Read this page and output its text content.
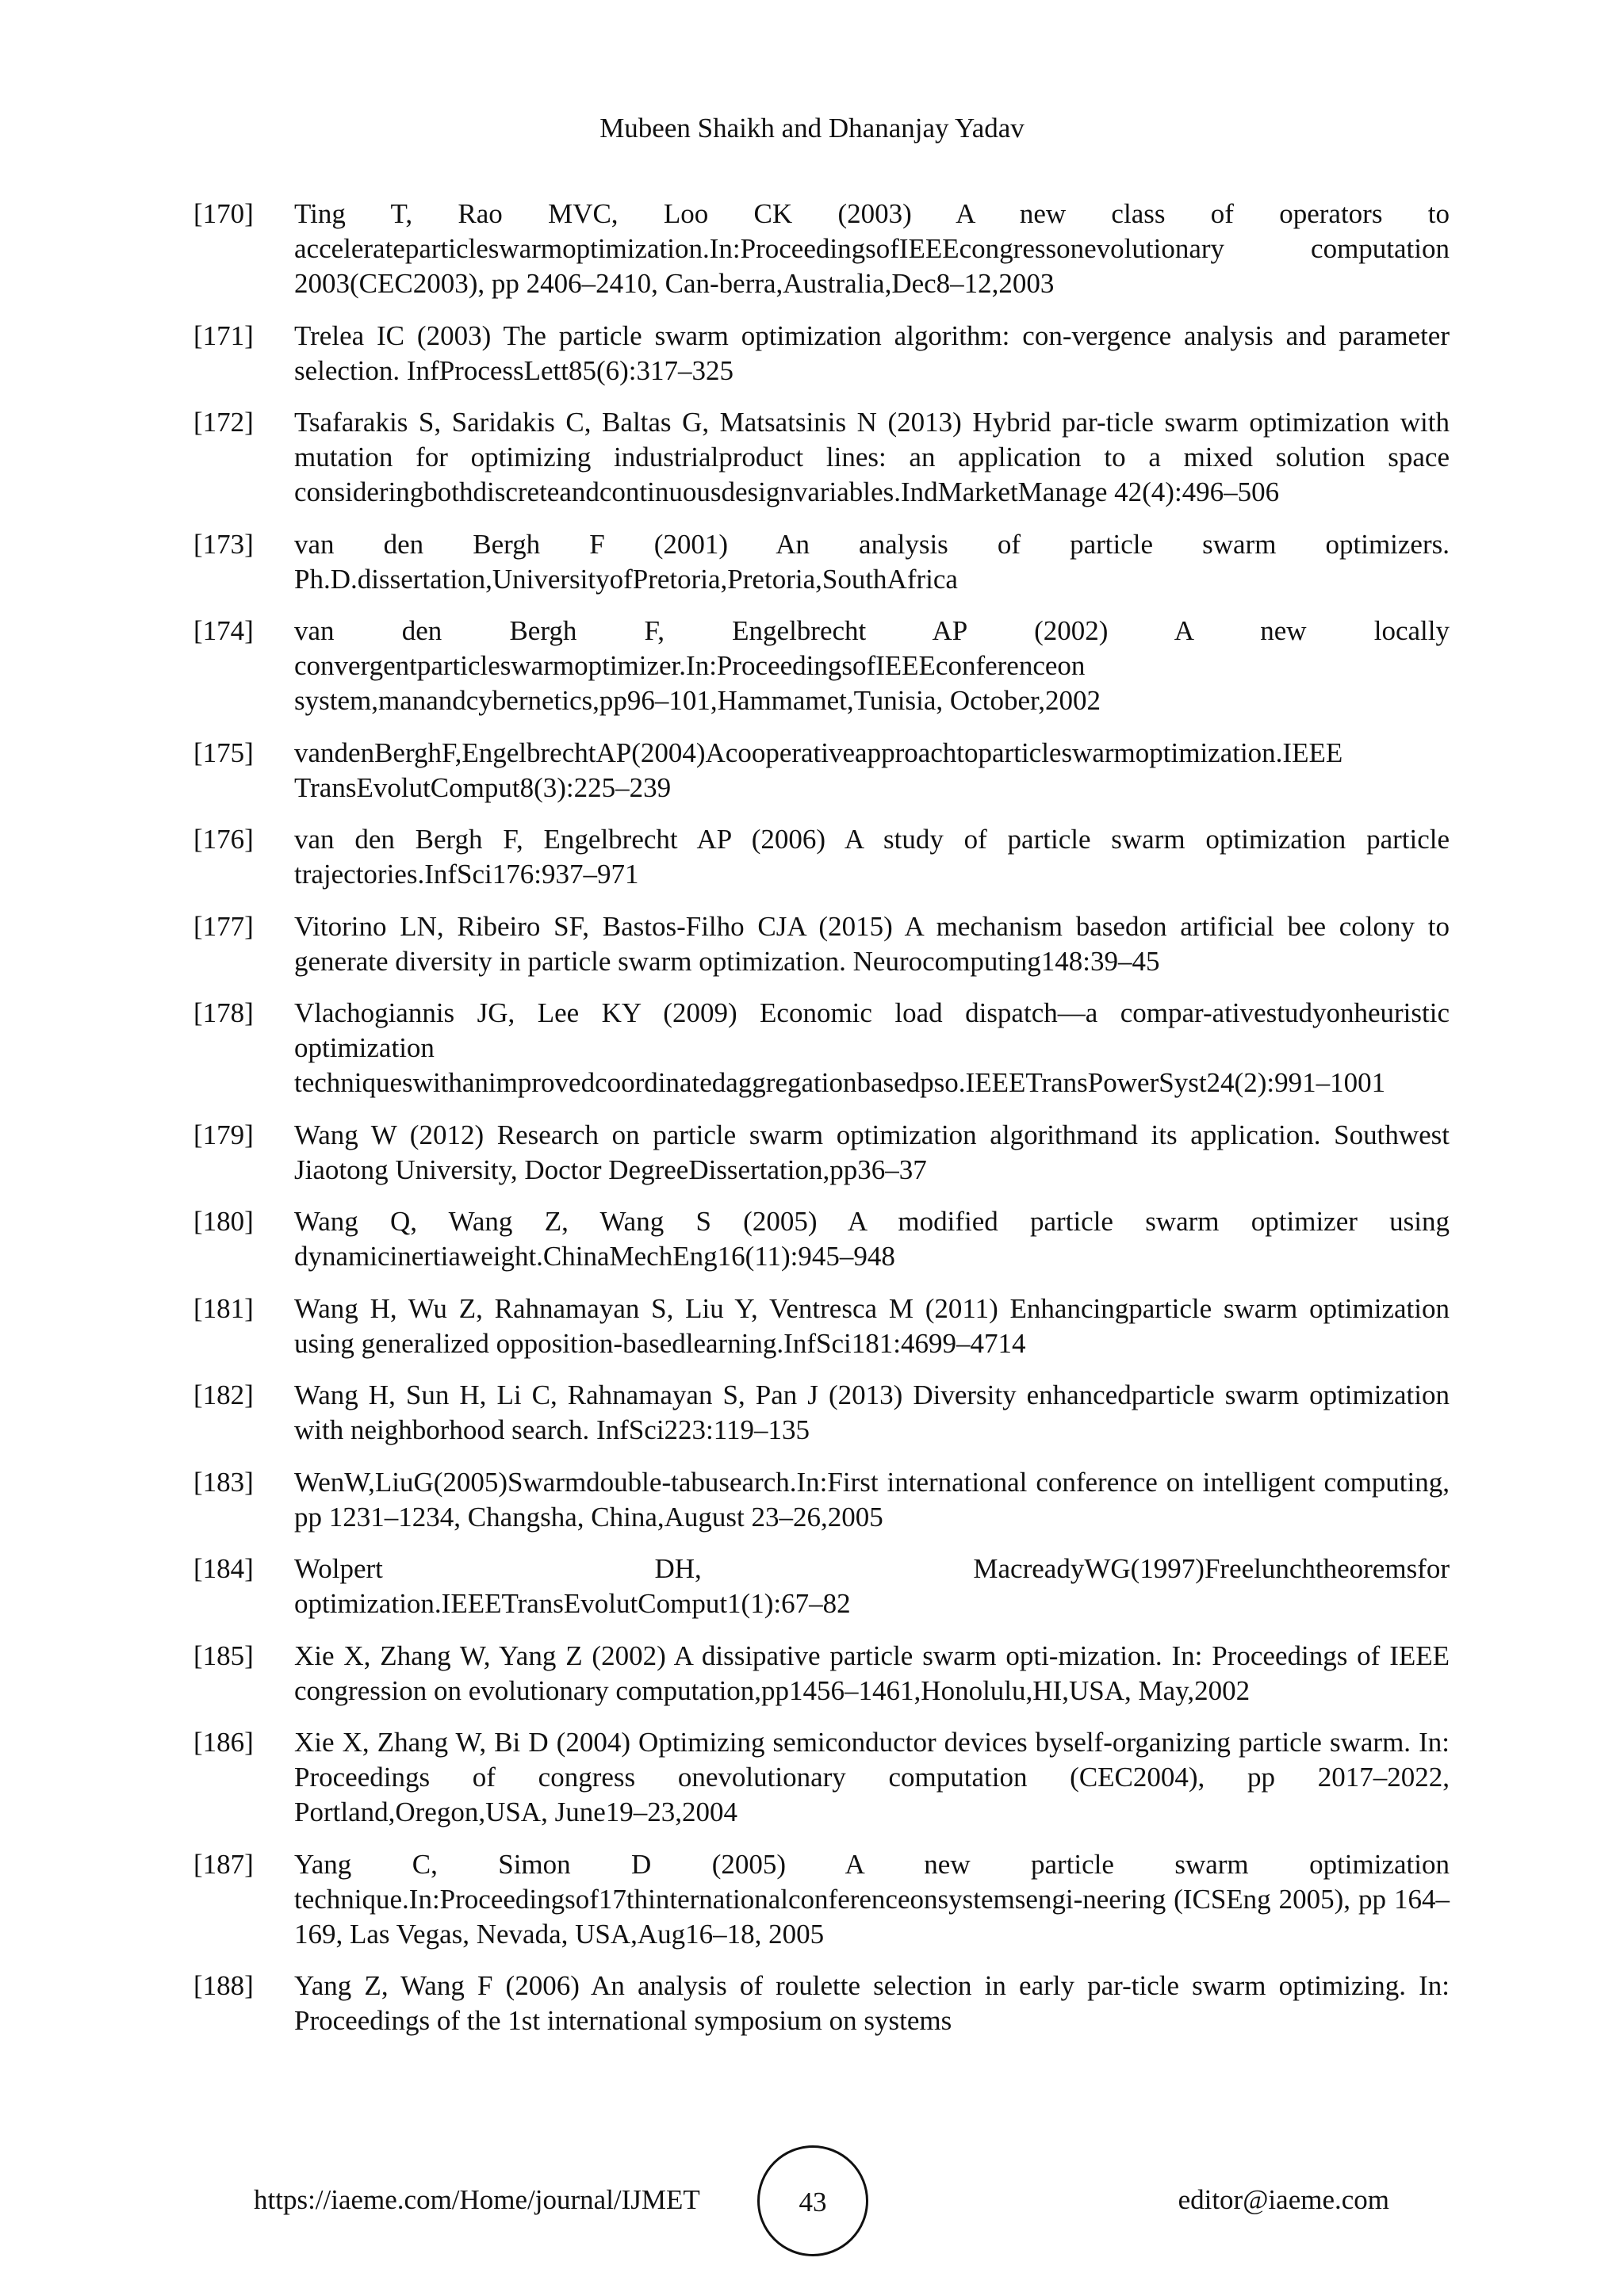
Mubeen Shaikh and Dhananjay Yadav
[170]	Ting T, Rao MVC, Loo CK (2003) A new class of operators to accelerateparticleswarmoptimization.In:ProceedingsofIEEEcongressonevolutionary computation 2003(CEC2003), pp 2406–2410, Can-berra,Australia,Dec8–12,2003
[171]	Trelea IC (2003) The particle swarm optimization algorithm: con-vergence analysis and parameter selection. InfProcessLett85(6):317–325
[172]	Tsafarakis S, Saridakis C, Baltas G, Matsatsinis N (2013) Hybrid par-ticle swarm optimization with mutation for optimizing industrialproduct lines: an application to a mixed solution space consideringbothdiscreteandcontinuousdesignvariables.IndMarketManage 42(4):496–506
[173]	van den Bergh F (2001) An analysis of particle swarm optimizers. Ph.D.dissertation,UniversityofPretoria,Pretoria,SouthAfrica
[174]	van den Bergh F, Engelbrecht AP (2002) A new locally convergentparticleswarmoptimizer.In:ProceedingsofIEEEconferenceon system,manandcybernetics,pp96–101,Hammamet,Tunisia, October,2002
[175]	vandenBerghF,EngelbrechtAP(2004)Acooperativeapproachtoparticleswarmoptimization.IEEE TransEvolutComput8(3):225–239
[176]	van den Bergh F, Engelbrecht AP (2006) A study of particle swarm optimization particle trajectories.InfSci176:937–971
[177]	Vitorino LN, Ribeiro SF, Bastos-Filho CJA (2015) A mechanism basedon artificial bee colony to generate diversity in particle swarm optimization. Neurocomputing148:39–45
[178]	Vlachogiannis JG, Lee KY (2009) Economic load dispatch—a compar-ativestudyonheuristic optimization techniqueswithanimprovedcoordinatedaggregationbasedpso.IEEETransPowerSyst24(2):991–1001
[179]	Wang W (2012) Research on particle swarm optimization algorithmand its application. Southwest Jiaotong University, Doctor DegreeDissertation,pp36–37
[180]	Wang Q, Wang Z, Wang S (2005) A modified particle swarm optimizer using dynamicinertiaweight.ChinaMechEng16(11):945–948
[181]	Wang H, Wu Z, Rahnamayan S, Liu Y, Ventresca M (2011) Enhancingparticle swarm optimization using generalized opposition-basedlearning.InfSci181:4699–4714
[182]	Wang H, Sun H, Li C, Rahnamayan S, Pan J (2013) Diversity enhancedparticle swarm optimization with neighborhood search. InfSci223:119–135
[183]	WenW,LiuG(2005)Swarmdouble-tabusearch.In:First international conference on intelligent computing, pp 1231–1234, Changsha, China,August 23–26,2005
[184]	Wolpert DH, MacreadyWG(1997)Freelunchtheoremsfor optimization.IEEETransEvolutComput1(1):67–82
[185]	Xie X, Zhang W, Yang Z (2002) A dissipative particle swarm opti-mization. In: Proceedings of IEEE congression on evolutionary computation,pp1456–1461,Honolulu,HI,USA, May,2002
[186]	Xie X, Zhang W, Bi D (2004) Optimizing semiconductor devices byself-organizing particle swarm. In: Proceedings of congress onevolutionary computation (CEC2004), pp 2017–2022, Portland,Oregon,USA, June19–23,2004
[187]	Yang C, Simon D (2005) A new particle swarm optimization technique.In:Proceedingsof17thinternationalconferenceonsystemsengi-neering (ICSEng 2005), pp 164–169, Las Vegas, Nevada, USA,Aug16–18, 2005
[188]	Yang Z, Wang F (2006) An analysis of roulette selection in early par-ticle swarm optimizing. In: Proceedings of the 1st international symposium on systems
https://iaeme.com/Home/journal/IJMET	43	editor@iaeme.com
